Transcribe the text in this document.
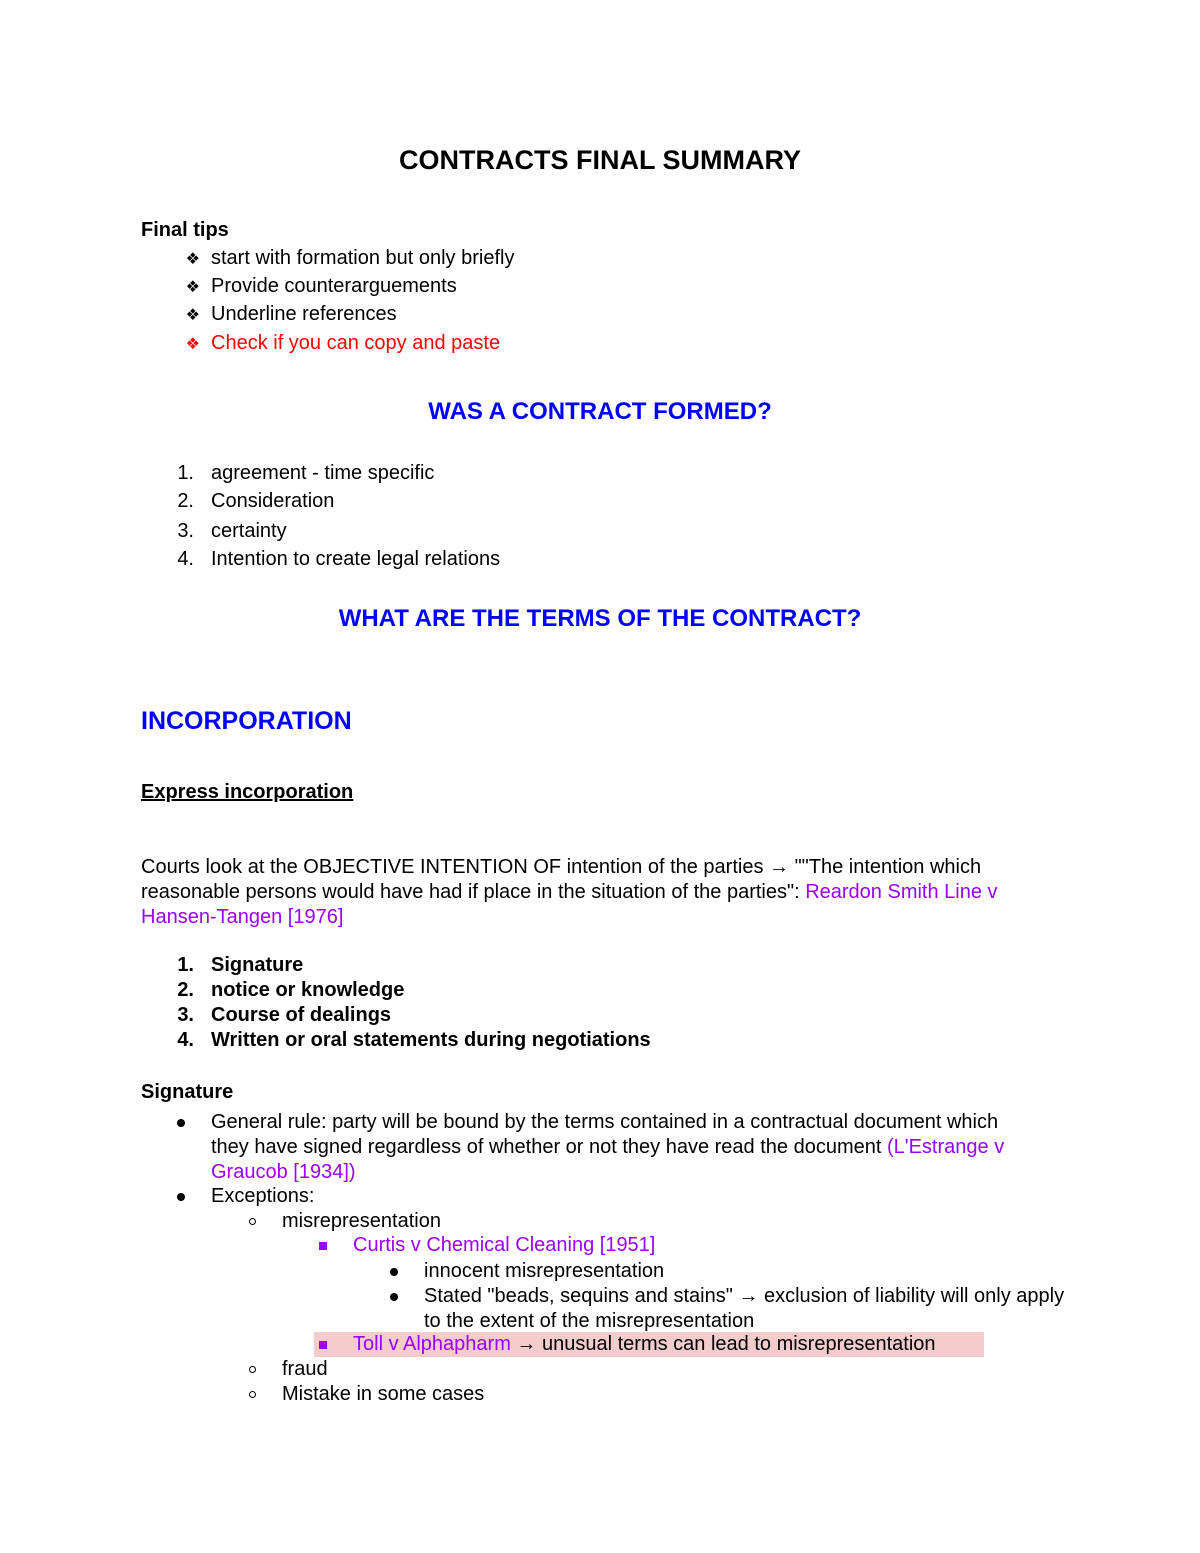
CONTRACTS FINAL SUMMARY
Final tips
❖ start with formation but only briefly
❖ Provide counterarguements
❖ Underline references
❖ Check if you can copy and paste
WAS A CONTRACT FORMED?
1. agreement - time specific
2. Consideration
3. certainty
4. Intention to create legal relations
WHAT ARE THE TERMS OF THE CONTRACT?
INCORPORATION
Express incorporation
Courts look at the OBJECTIVE INTENTION OF intention of the parties → ""The intention which reasonable persons would have had if place in the situation of the parties": Reardon Smith Line v Hansen-Tangen [1976]
1. Signature
2. notice or knowledge
3. Course of dealings
4. Written or oral statements during negotiations
Signature
General rule: party will be bound by the terms contained in a contractual document which they have signed regardless of whether or not they have read the document (L'Estrange v Graucob [1934])
Exceptions:
misrepresentation
Curtis v Chemical Cleaning [1951]
innocent misrepresentation
Stated "beads, sequins and stains" → exclusion of liability will only apply to the extent of the misrepresentation
Toll v Alphapharm → unusual terms can lead to misrepresentation
fraud
Mistake in some cases
